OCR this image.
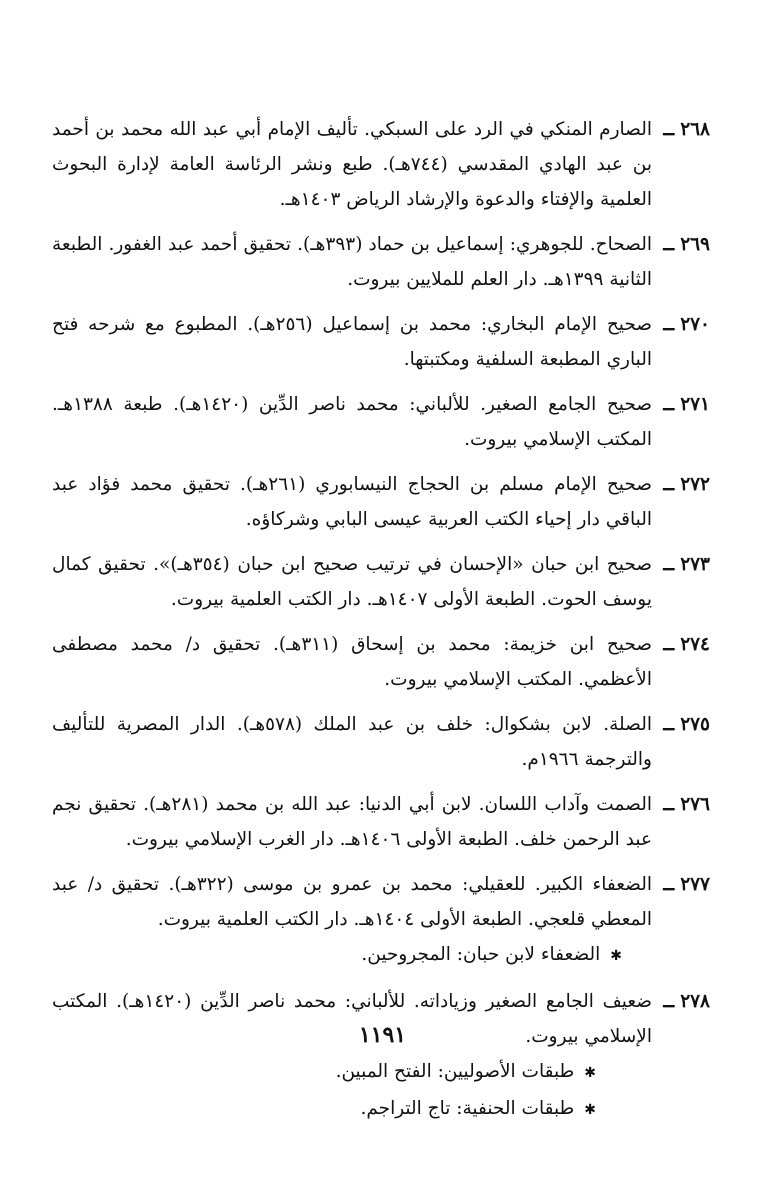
٢٦٨ــ

الصارم المنكي في الرد على السبكي. تأليف الإمام أبي عبد الله محمد بن أحمد بن عبد الهادي المقدسي (٧٤٤هـ). طبع ونشر الرئاسة العامة لإدارة البحوث العلمية والإفتاء والدعوة والإرشاد الرياض ١٤٠٣هـ.

٢٦٩ــ

الصحاح. للجوهري: إسماعيل بن حماد (٣٩٣هـ). تحقيق أحمد عبد الغفور. الطبعة الثانية ١٣٩٩هـ. دار العلم للملايين بيروت.

٢٧٠ــ

صحيح الإمام البخاري: محمد بن إسماعيل (٢٥٦هـ). المطبوع مع شرحه فتح الباري المطبعة السلفية ومكتبتها.

٢٧١ــ

صحيح الجامع الصغير. للألباني: محمد ناصر الدِّين (١٤٢٠هـ). طبعة ١٣٨٨هـ. المكتب الإسلامي بيروت.

٢٧٢ــ

صحيح الإمام مسلم بن الحجاج النيسابوري (٢٦١هـ). تحقيق محمد فؤاد عبد الباقي دار إحياء الكتب العربية عيسى البابي وشركاؤه.

٢٧٣ــ

صحيح ابن حبان «الإحسان في ترتيب صحيح ابن حبان (٣٥٤هـ)». تحقيق كمال يوسف الحوت. الطبعة الأولى ١٤٠٧هـ. دار الكتب العلمية بيروت.

٢٧٤ــ

صحيح ابن خزيمة: محمد بن إسحاق (٣١١هـ). تحقيق د/ محمد مصطفى الأعظمي. المكتب الإسلامي بيروت.

٢٧٥ــ

الصلة. لابن بشكوال: خلف بن عبد الملك (٥٧٨هـ). الدار المصرية للتأليف والترجمة ١٩٦٦م.

٢٧٦ــ

الصمت وآداب اللسان. لابن أبي الدنيا: عبد الله بن محمد (٢٨١هـ). تحقيق نجم عبد الرحمن خلف. الطبعة الأولى ١٤٠٦هـ. دار الغرب الإسلامي بيروت.

٢٧٧ــ

الضعفاء الكبير. للعقيلي: محمد بن عمرو بن موسى (٣٢٢هـ). تحقيق د/ عبد المعطي قلعجي. الطبعة الأولى ١٤٠٤هـ. دار الكتب العلمية بيروت.

✱الضعفاء لابن حبان: المجروحين.

٢٧٨ــ

ضعيف الجامع الصغير وزياداته. للألباني: محمد ناصر الدِّين (١٤٢٠هـ). المكتب الإسلامي بيروت.

✱طبقات الأصوليين: الفتح المبين.

✱طبقات الحنفية: تاج التراجم.

١١٩١
